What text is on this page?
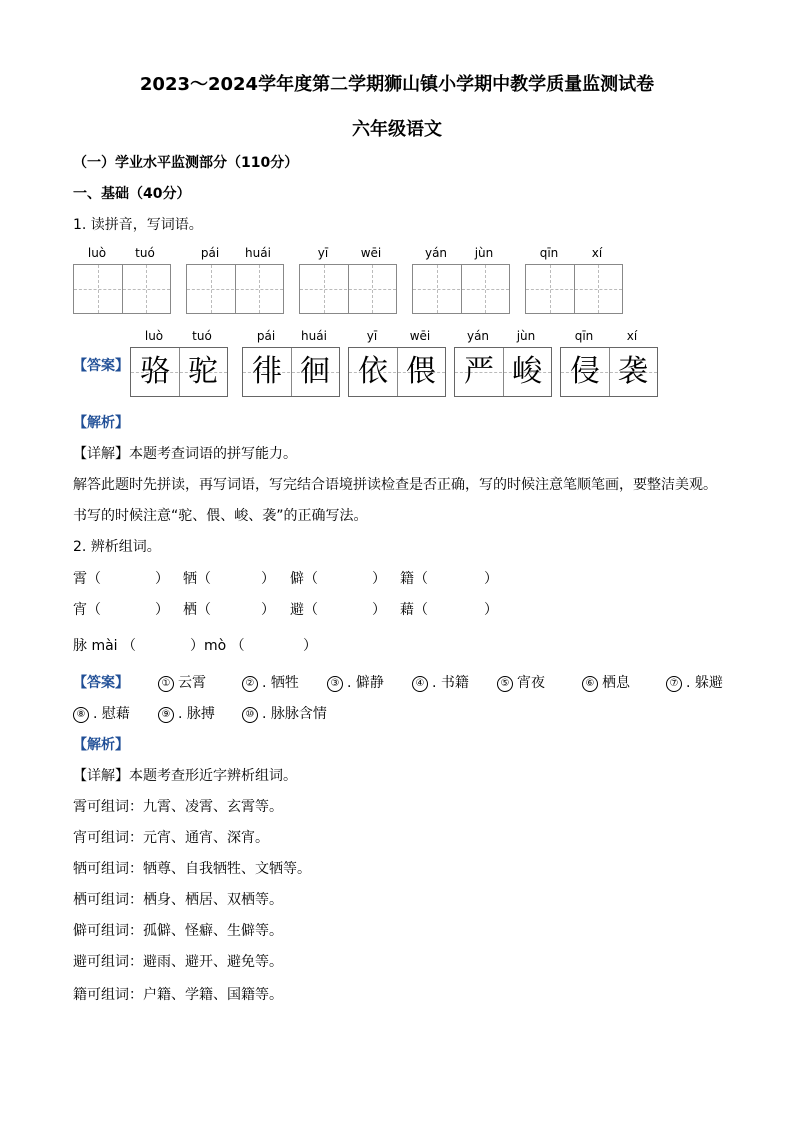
2023～2024学年度第二学期狮山镇小学期中教学质量监测试卷
六年级语文
（一）学业水平监测部分（110分）
一、基础（40分）
1. 读拼音，写词语。
luò	tuó	pái	huái	yī	wēi	yán	jùn	qīn	xí
【答案】
luò	tuó	pái	huái	yī	wēi	yán	jùn	qīn	xí
骆 驼	徘 徊 依 偎 严 峻 侵 袭
【解析】
【详解】本题考查词语的拼写能力。
解答此题时先拼读，再写词语，写完结合语境拼读检查是否正确，写的时候注意笔顺笔画，要整洁美观。
书写的时候注意“驼、偎、峻、袭”的正确写法。
2. 辨析组词。
霄（	） 牺（	） 僻（	） 籍（	）
宵（	） 栖（	） 避（	） 藉（	）
脉 mài （	）mò （	）
【答案】	① 云霄	② . 牺牲	③ . 僻静	④ . 书籍	⑤ 宵夜	⑥ 栖息	⑦ . 躲避
⑧ . 慰藉	⑨ . 脉搏	⑩ . 脉脉含情
【解析】
【详解】本题考查形近字辨析组词。
霄可组词：九霄、凌霄、玄霄等。
宵可组词：元宵、通宵、深宵。
牺可组词：牺尊、自我牺牲、文牺等。
栖可组词：栖身、栖居、双栖等。
僻可组词：孤僻、怪癖、生僻等。
避可组词：避雨、避开、避免等。
籍可组词：户籍、学籍、国籍等。
